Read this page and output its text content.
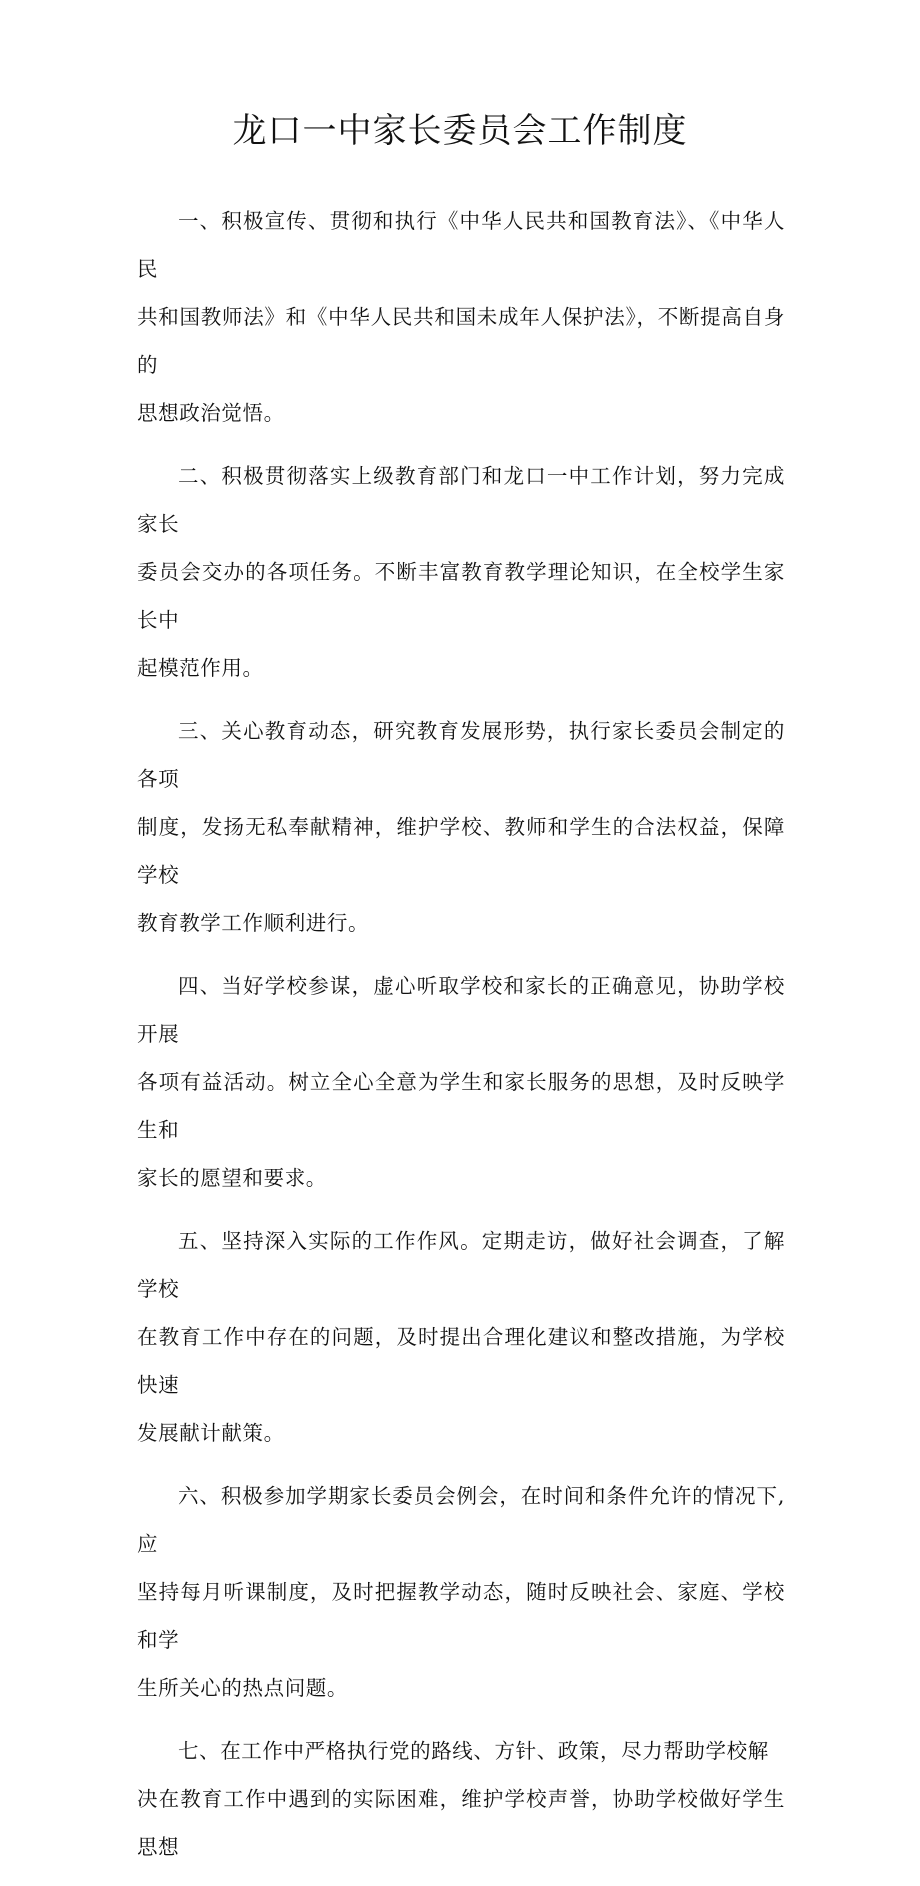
龙口一中家长委员会工作制度

一、积极宣传、贯彻和执行《中华人民共和国教育法》、《中华人民
共和国教师法》和《中华人民共和国未成年人保护法》，不断提高自身的
思想政治觉悟。

二、积极贯彻落实上级教育部门和龙口一中工作计划，努力完成家长
委员会交办的各项任务。不断丰富教育教学理论知识，在全校学生家长中
起模范作用。

三、关心教育动态，研究教育发展形势，执行家长委员会制定的各项
制度，发扬无私奉献精神，维护学校、教师和学生的合法权益，保障学校
教育教学工作顺利进行。

四、当好学校参谋，虚心听取学校和家长的正确意见，协助学校开展
各项有益活动。树立全心全意为学生和家长服务的思想，及时反映学生和
家长的愿望和要求。

五、坚持深入实际的工作作风。定期走访，做好社会调查，了解学校
在教育工作中存在的问题，及时提出合理化建议和整改措施，为学校快速
发展献计献策。

六、积极参加学期家长委员会例会，在时间和条件允许的情况下,应
坚持每月听课制度，及时把握教学动态，随时反映社会、家庭、学校和学
生所关心的热点问题。

七、在工作中严格执行党的路线、方针、政策，尽力帮助学校解
决在教育工作中遇到的实际困难，维护学校声誉，协助学校做好学生思想
